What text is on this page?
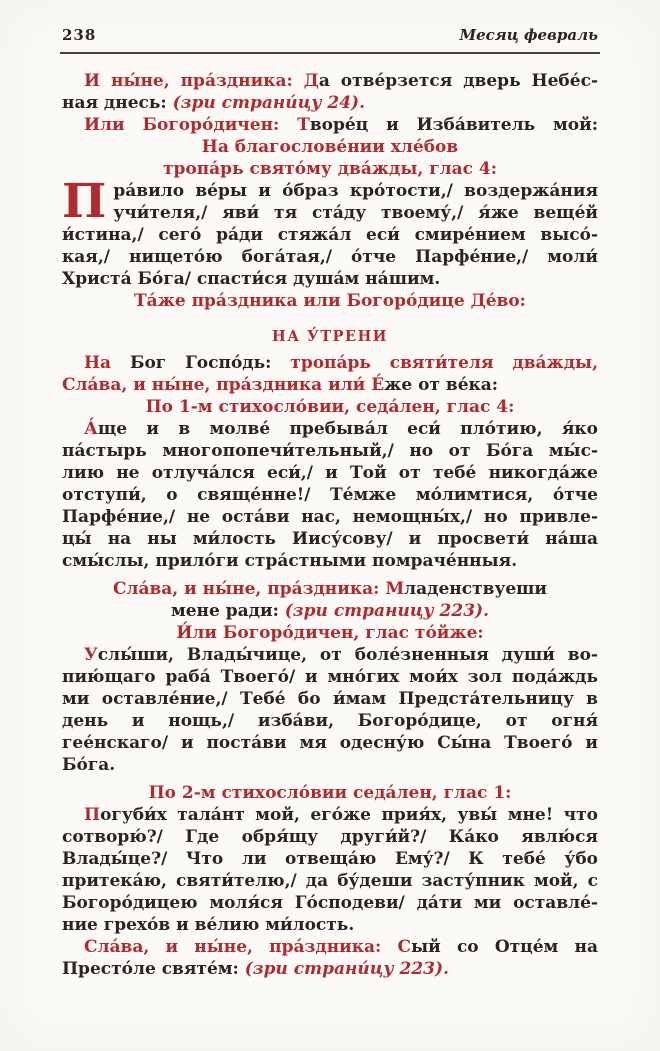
238	Месяц февраль
И ны́не, пра́здника: Да отве́рзется дверь Небе́с-
ная днесь: (зри страни́цу 24).
Или Богоро́дичен: Творе́ц и Изба́витель мой:
На благослове́нии хле́бов
тропа́рь свято́му два́жды, глас 4:
П ра́вило ве́ры и о́браз кро́тости,/ воздержа́ния
учи́теля,/ яви́ тя ста́ду твоему́,/ я́же веще́й
и́стина,/ сего́ ра́ди стяжа́л еси́ смире́нием высо́-
кая,/ нището́ю бога́тая,/ о́тче Парфе́ние,/ моли́
Христа́ Бо́га/ спасти́ся душа́м на́шим.
Та́же пра́здника или Богоро́дице Де́во:
НА У́ТРЕНИ
На Бог Госпо́дь: тропа́рь святи́теля два́жды,
Сла́ва, и ны́не, пра́здника или́ Е́же от ве́ка:
По 1-м стихосло́вии, седа́лен, глас 4:
А́ще и в молве́ пребыва́л еси́ пло́тию, я́ко
па́стырь многопопечи́тельный,/ но от Бо́га мы́с-
лию не отлуча́лся еси́,/ и Той от тебе́ никогда́же
отступи́, о свяще́нне!/ Те́мже мо́лимтися, о́тче
Парфе́ние,/ не оста́ви нас, немощны́х,/ но привле-
цы́ на ны ми́лость Иису́сову/ и просвети́ на́ша
смы́слы, прило́ги стра́стными помраче́нныя.
Сла́ва, и ны́не, пра́здника: Младенствуеши
мене ради: (зри страницу 223).
И́ли Богоро́дичен, глас то́йже:
Услы́ши, Влады́чице, от боле́зненныя души́ во-
пию́щаго раба́ Твоего́/ и мно́гих мои́х зол пода́ждь
ми оставле́ние,/ Тебе́ бо и́мам Предста́тельницу в
день и нощь,/ изба́ви, Богоро́дице, от огня́
гее́нскаго/ и поста́ви мя одесну́ю Сы́на Твоего́ и
Бо́га.
По 2-м стихосло́вии седа́лен, глас 1:
Погуби́х тала́нт мой, его́же прия́х, увы́ мне! что
сотворю́?/ Где обря́щу други́й?/ Ка́ко явлю́ся
Влады́це?/ Что ли отвеща́ю Ему́?/ К тебе́ у́бо
притека́ю, святи́телю,/ да бу́деши засту́пник мой, с
Богоро́дицею моля́ся Го́сподеви/ да́ти ми оставле́-
ние грехо́в и ве́лию ми́лость.
Сла́ва, и ны́не, пра́здника: Сый со Отце́м на
Престо́ле святе́м: (зри страни́цу 223).
